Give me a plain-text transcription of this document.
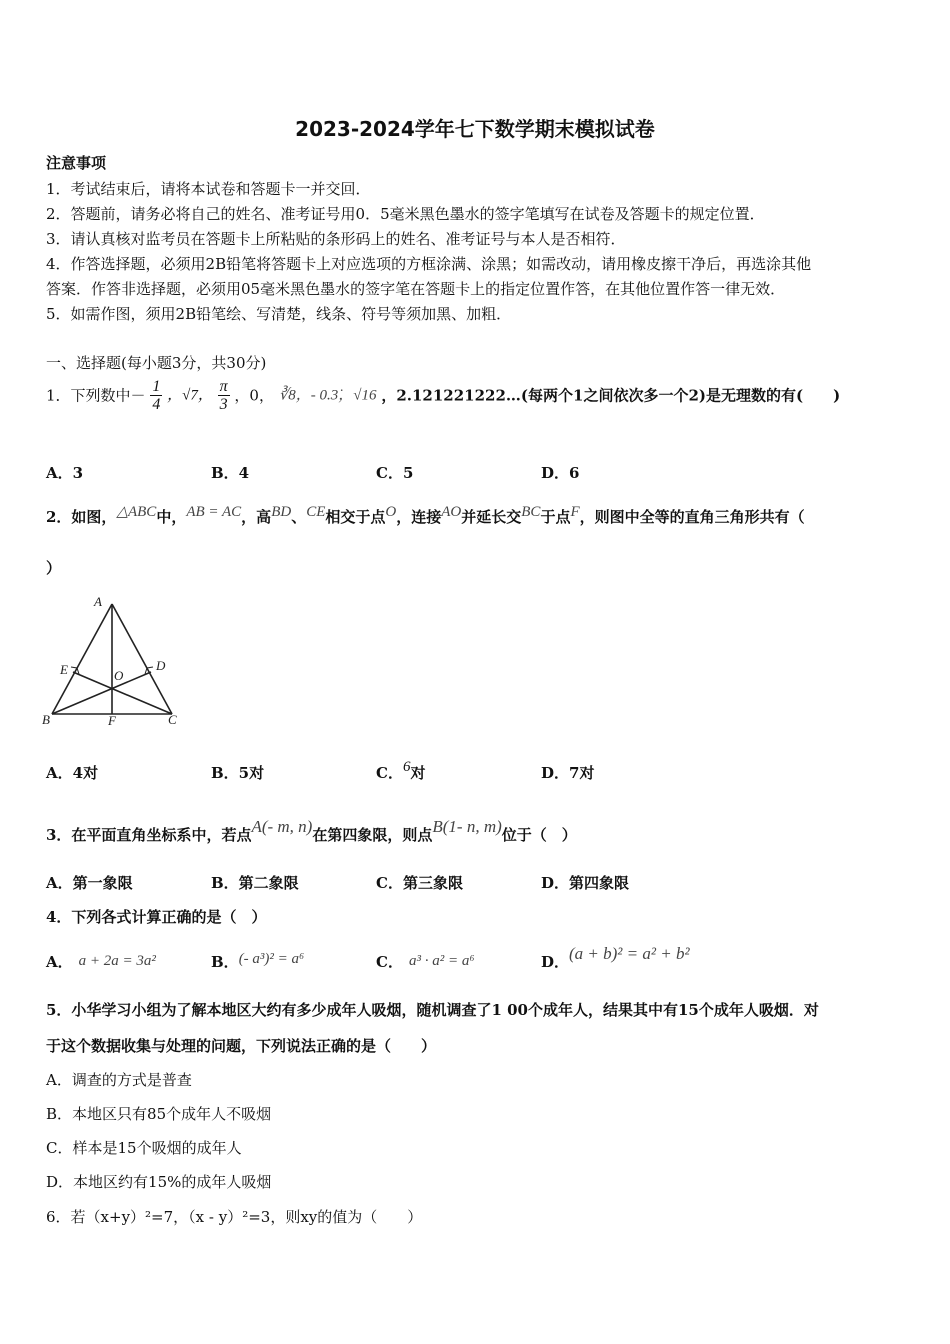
2023-2024学年七下数学期末模拟试卷
注意事项
1．考试结束后，请将本试卷和答题卡一并交回．
2．答题前，请务必将自己的姓名、准考证号用0．5毫米黑色墨水的签字笔填写在试卷及答题卡的规定位置．
3．请认真核对监考员在答题卡上所粘贴的条形码上的姓名、准考证号与本人是否相符．
4．作答选择题，必须用2B铅笔将答题卡上对应选项的方框涂满、涂黑；如需改动，请用橡皮擦干净后，再选涂其他
答案．作答非选择题，必须用05毫米黑色墨水的签字笔在答题卡上的指定位置作答，在其他位置作答一律无效．
5．如需作图，须用2B铅笔绘、写清楚，线条、符号等须加黑、加粗．
一、选择题(每小题3分，共30分)
1．下列数中－ $\frac{1}{4}$ ，√7， $\frac{\pi}{3}$ ，0， ∛8，- 0.3̇，√16 ，2.121221222…(每两个1之间依次多一个2)是无理数的有(　　)
A．3	B．4	C．5	D．6
2．如图，△ABC中，AB = AC，高BD、CE相交于点O，连接AO并延长交BC于点F，则图中全等的直角三角形共有（
）
A
B	C
D
E
F
O
A．4对	B．5对	C．6对	D．7对
3．在平面直角坐标系中，若点A(- m, n)在第四象限，则点B(1- n, m)位于（　）
A．第一象限	B．第二象限	C．第三象限	D．第四象限
4．下列各式计算正确的是（　）
A． a + 2a = 3a²	B．(- a³)² = a⁶	C． a³ · a² = a⁶	D．(a + b)² = a² + b²
5．小华学习小组为了解本地区大约有多少成年人吸烟，随机调查了1 00个成年人，结果其中有15个成年人吸烟．对
于这个数据收集与处理的问题，下列说法正确的是（　　）
A．调查的方式是普查
B．本地区只有85个成年人不吸烟
C．样本是15个吸烟的成年人
D．本地区约有15%的成年人吸烟
6．若（x+y）²=7，（x - y）²=3，则xy的值为（　　）
